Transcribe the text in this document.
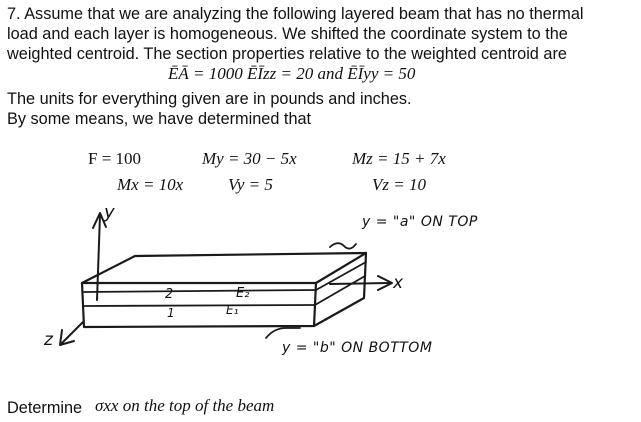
7. Assume that we are analyzing the following layered beam that has no thermal
load and each layer is homogeneous. We shifted the coordinate system to the
weighted centroid. The section properties relative to the weighted centroid are
ĒĀ = 1000 ĒĪzz = 20 and ĒĪyy = 50
The units for everything given are in pounds and inches.
By some means, we have determined that
F = 100	My = 30 − 5x	Mz = 15 + 7x
Mx = 10x	Vy = 5	Vz = 10
y
x
z
2
1
E₂
E₁
y = "a" ON TOP
y = "b" ON BOTTOM
Determine σxx on the top of the beam
